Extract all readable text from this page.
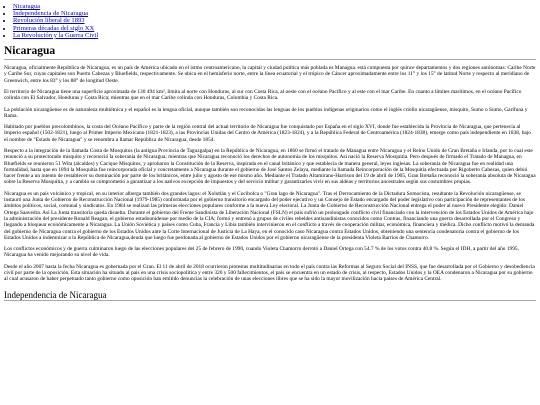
• Nicaragua
• Independencia de Nicaragua
• Revolución liberal de 1893
• Primeras décadas del siglo XX
• La Revolución y la Guerra Civil
Nicaragua

Nicaragua, oficialmente República de Nicaragua, es un país de América ubicado en el istmo centroamericano, la capital y ciudad política más poblada es Managua. está compuesta por quince departamentos y dos regiones autónomas: Caribe Norte y Caribe Sur, cuyas capitales son Puerto Cabezas y Bluefields, respectivamente. Se ubica en el hemisferio norte, entre la línea ecuatorial y el trópico de Cáncer aproximadamente entre los 11° y los 15° de latitud Norte y respecto al meridiano de Greenwich, entre los 83° y los 88° de longitud Oeste.

El territorio de Nicaragua tiene una superficie aproximada de 130 494 km², limita al norte con Honduras, al sur con Costa Rica, al oeste con el océano Pacífico y al este con el mar Caribe. En cuanto a límites marítimos, en el océano Pacífico colinda con El Salvador, Honduras y Costa Rica; mientras que en el mar Caribe colinda con Honduras, Colombia y Costa Rica.

La población nicaragüense es de naturaleza multiétnica y el español es la lengua oficial, aunque también son reconocidas las lenguas de los pueblos indígenas originarios como el inglés criollo nicaragüense, misquito, Sumo o Sumo, Garífuna y Rama.

Habitado por pueblos precolombinos, la costa del Océano Pacífico y parte de la región central del actual territorio de Nicaragua fue conquistado por España en el siglo XVI, donde fue establecida la Provincia de Nicaragua, que pertenecía al Imperio español (1502-1821), luego al Primer Imperio Mexicano (1821-1823), a las Provincias Unidas del Centro de América (1823-1824), y a la República Federal de Centroamérica (1824-1838), emerge como país independiente en 1838, bajo el nombre de "Estado de Nicaragua" y se renombra a llamar República de Nicaragua, desde 1854.

Respecto a la integración de la llamada Costa de Mosquitos (la antigua Provincia de Taguzgalpa) en la República de Nicaragua, en 1860 se firmó el tratado de Managua entre Nicaragua y el Reino Unido de Gran Bretaña e Irlanda, por lo cual este renunció a su protectorado misquito y reconoció la soberanía de Nicaragua; mientras que Nicaragua reconoció los derechos de autonomía de los misquitos. Así nació la Reserva Mosquitia. Pero después de firmado el Tratado de Managua, en Bluefields se reunieron 51 Wita (alcaldes) y Cacique Misquitos, y aprobaron la Constitución de la Reserva, inspirada en el canal británico y que establecía de manera general, leyes inglesas. La soberanía de Nicaragua fue en realidad una formalidad, hasta que en 1894 la Mosquitia fue reincorporada oficial y concretamente a Nicaragua durante el gobierno de José Santos Zelaya, mediante la llamada Reincorporación de la Mosquitia efectuada por Rigoberto Cabezas, quien debió hacer frente a un intento de restablecer su dominación por parte de los británicos, entre julio y agosto de ese mismo año. Mediante el Tratado Altamirano-Harrison del 19 de abril de 1905, Gran Bretaña reconoció la soberanía absoluta de Nicaragua sobre la Reserva Mosquitia, y a cambio se comprometió a garantizar a los nativos excepción de impuestos y del servicio militar y garantizarles vivir en sus aldeas y territorios ancestrales según sus costumbres propias.

Nicaragua es un país volcánico y tropical, en su interior alberga también dos grandes lagos: el Xolotlán y el Cocibolca o "Gran lago de Nicaragua". Tras el Derrocamiento de la Dictadura Somocista, resultante la Revolución nicaragüense, se instauró una Junta de Gobierno de Reconstrucción Nacional (1979-1985) conformada por el gobierno transitorio encargado del poder ejecutivo y un Consejo de Estado encargado del poder legislativo con participación de representantes de los ámbitos políticos, social, comunal y sindicatos. En 1984 se realizan las primeras elecciones populares conforme a la nueva Ley electoral. La Junta de Gobierno de Reconstrucción Nacional entrega el poder al nuevo Presidente elegido: Daniel Ortega Saavedra. Así La Junta transitoria queda disuelta. Durante el gobierno del Frente Sandinista de Liberación Nacional (FSLN) el país sufrió un prolongado conflicto civil financiado con la intervención de los Estados Unidos de América bajo la administración del presidente Ronald Reagan, el gobierno estadounidense por medio de la CIA; formó y entrenó a grupos de civiles rebeldes antisandinistas conocidos como Contras, financiando una guerra desarrollada por el Congreso y llegando a bloquear económicamente a Nicaragua. La Unión Soviética y países como Cuba, Francia y Libia también intervinieron en el conflicto a través de cooperación militar, económica, financiera y médica. Dicho conflicto motivó la demanda del gobierno de Nicaragua contra el gobierno de los Estados Unidos ante la Corte Internacional de Justicia de La Haya, en el conocido caso Nicaragua contra Estados Unidos, obteniendo una sentencia condenatoria contra el gobierno de los Estados Unidos a indemnizar a la República de Nicaragua,deuda que luego fue perdonada al gobierno de Estados Unidos por el gobierno nicaragüense de la presidenta Violeta Barrios de Chamorro.

Los conflictos económicos y de guerra culminaron luego de las elecciones populares del 25 de febrero de 1990, cuando Violeta Chamorro derrotó a Daniel Ortega con 54.7 % de los votos contra 40.8 %. Según el IDH, a partir del año 1995, Nicaragua ha venido mejorando su nivel de vida.

Desde el año 2007 hasta la fecha Nicaragua es gobernada por el Gran. El 11 de abril de 2018 ocurrieron protestas multitudinarias en todo el país contra las Reformas al Seguro Social del INSS, que fue desarrollada por el Gobierno y desobediencia civil por parte de la oposición. Esta situación ha situado al país en una crisis sociopolítica y entre 320 y 500 fallecimientos, el país se encuentra en un estado de crisis, al respecto, Estados Unidos y la OEA condenaron a Nicaragua por su gobierno al cual acusaron de haber perpetuado tanto gobierno como oposición han emitido denuncias la celebración de unas elecciones libres que se ha sido la mayor movilización hacia países de América Central.

Independencia de Nicaragua
